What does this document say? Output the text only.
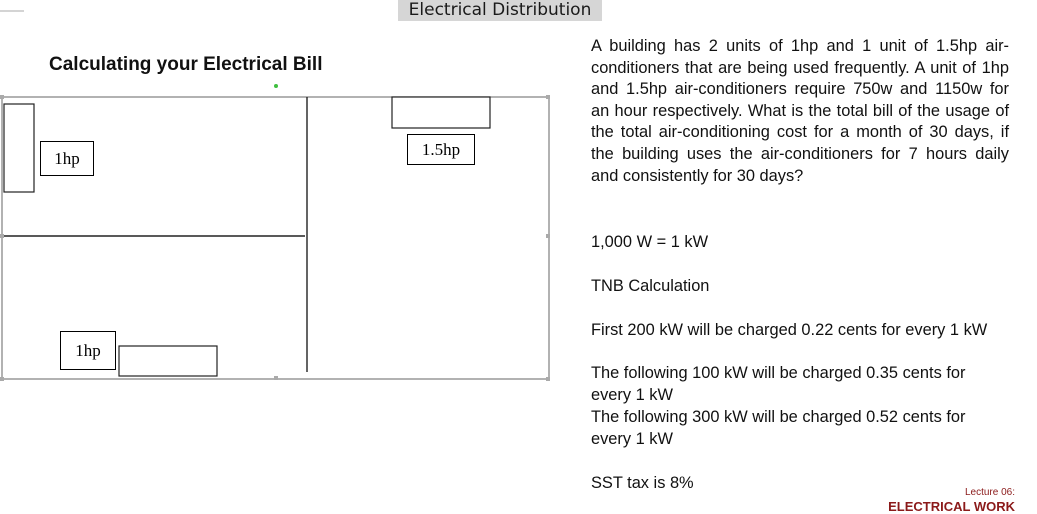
Electrical Distribution
Calculating your Electrical Bill
1hp	1.5hp
1hp
A building has 2 units of 1hp and 1 unit of 1.5hp air-conditioners that are being used frequently. A unit of 1hp and 1.5hp air-conditioners require 750w and 1150w for an hour respectively. What is the total bill of the usage of the total air-conditioning cost for a month of 30 days, if the building uses the air-conditioners for 7 hours daily and consistently for 30 days?
1,000 W = 1 kW
TNB Calculation
First 200 kW will be charged 0.22 cents for every 1 kW
The following 100 kW will be charged 0.35 cents for every 1 kW
The following 300 kW will be charged 0.52 cents for every 1 kW
SST tax is 8%
Lecture 06:
ELECTRICAL WORK
